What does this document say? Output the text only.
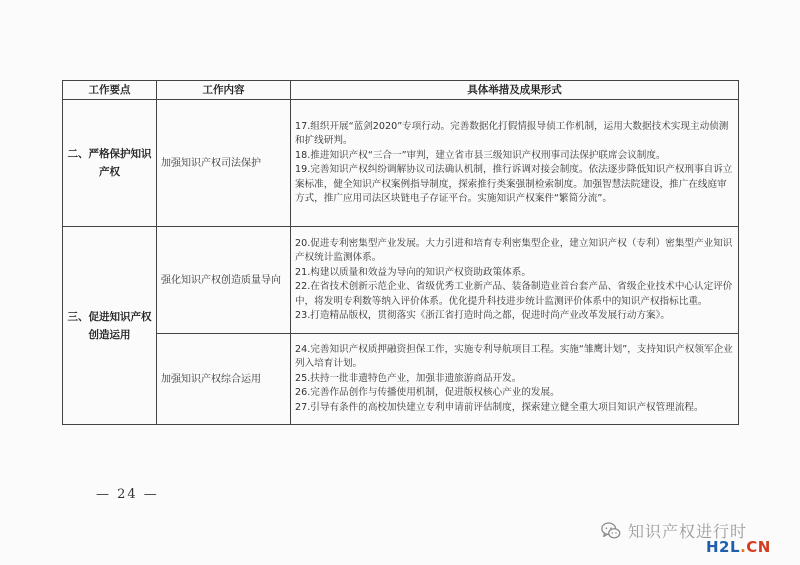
工作要点	工作内容	具体举措及成果形式
二、严格保护知识产权	加强知识产权司法保护	17.组织开展“蓝剑2020”专项行动。完善数据化打假情报导侦工作机制，运用大数据技术实现主动侦测和扩线研判。
18.推进知识产权“三合一”审判，建立省市县三级知识产权刑事司法保护联席会议制度。
19.完善知识产权纠纷调解协议司法确认机制，推行诉调对接会制度。依法逐步降低知识产权刑事自诉立案标准，健全知识产权案例指导制度，探索推行类案强制检索制度。加强智慧法院建设，推广在线庭审方式，推广应用司法区块链电子存证平台。实施知识产权案件“繁简分流”。

三、促进知识产权创造运用	强化知识产权创造质量导向	20.促进专利密集型产业发展。大力引进和培育专利密集型企业，建立知识产权（专利）密集型产业知识产权统计监测体系。
21.构建以质量和效益为导向的知识产权资助政策体系。
22.在省技术创新示范企业、省级优秀工业新产品、装备制造业首台套产品、省级企业技术中心认定评价中，将发明专利数等纳入评价体系。优化提升科技进步统计监测评价体系中的知识产权指标比重。
23.打造精品版权，贯彻落实《浙江省打造时尚之都，促进时尚产业改革发展行动方案》。

	加强知识产权综合运用	24.完善知识产权质押融资担保工作，实施专利导航项目工程。实施“雏鹰计划”，支持知识产权领军企业列入培育计划。
25.扶持一批非遗特色产业，加强非遗旅游商品开发。
26.完善作品创作与传播使用机制，促进版权核心产业的发展。
27.引导有条件的高校加快建立专利申请前评估制度，探索建立健全重大项目知识产权管理流程。
— 24 —
知识产权进行时
H2L.CN
